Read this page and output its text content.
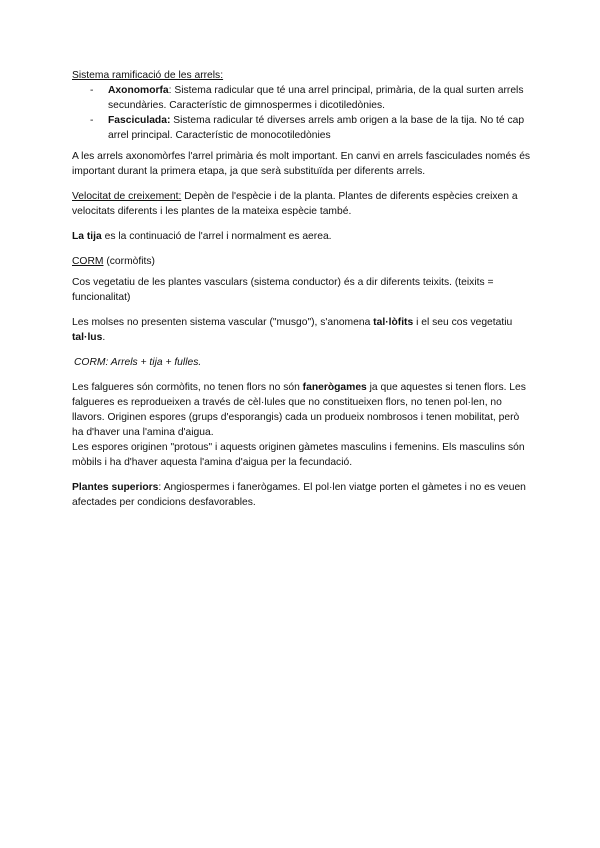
Sistema ramificació de les arrels:

- Axonomorfa: Sistema radicular que té una arrel principal, primària, de la qual surten arrels secundàries. Característic de gimnospermes i dicotiledònies.
- Fasciculada: Sistema radicular té diverses arrels amb origen a la base de la tija. No té cap arrel principal. Característic de monocotiledònies

A les arrels axonomòrfes l'arrel primària és molt important. En canvi en arrels fasciculades només és important durant la primera etapa, ja que serà substituïda per diferents arrels.

Velocitat de creixement: Depèn de l'espècie i de la planta. Plantes de diferents espècies creixen a velocitats diferents i les plantes de la mateixa espècie també.

La tija es la continuació de l'arrel i normalment es aerea.

CORM (cormòfits)

Cos vegetatiu de les plantes vasculars (sistema conductor) és a dir diferents teixits. (teixits = funcionalitat)

Les molses no presenten sistema vascular ("musgo"), s'anomena tal·lòfits i el seu cos vegetatiu tal·lus.

CORM: Arrels + tija + fulles.

Les falgueres són cormòfits, no tenen flors no són fanerògames ja que aquestes si tenen flors. Les falgueres es reprodueixen a través de cèl·lules que no constitueixen flors, no tenen pol·len, no llavors. Originen espores (grups d'esporangis) cada un produeix nombrosos i tenen mobilitat, però ha d'haver una l'amina d'aigua.

Les espores originen "protous" i aquests originen gàmetes masculins i femenins. Els masculins són mòbils i ha d'haver aquesta l'amina d'aigua per la fecundació.

Plantes superiors: Angiospermes i fanerògames. El pol·len viatge porten el gàmetes i no es veuen afectades per condicions desfavorables.
